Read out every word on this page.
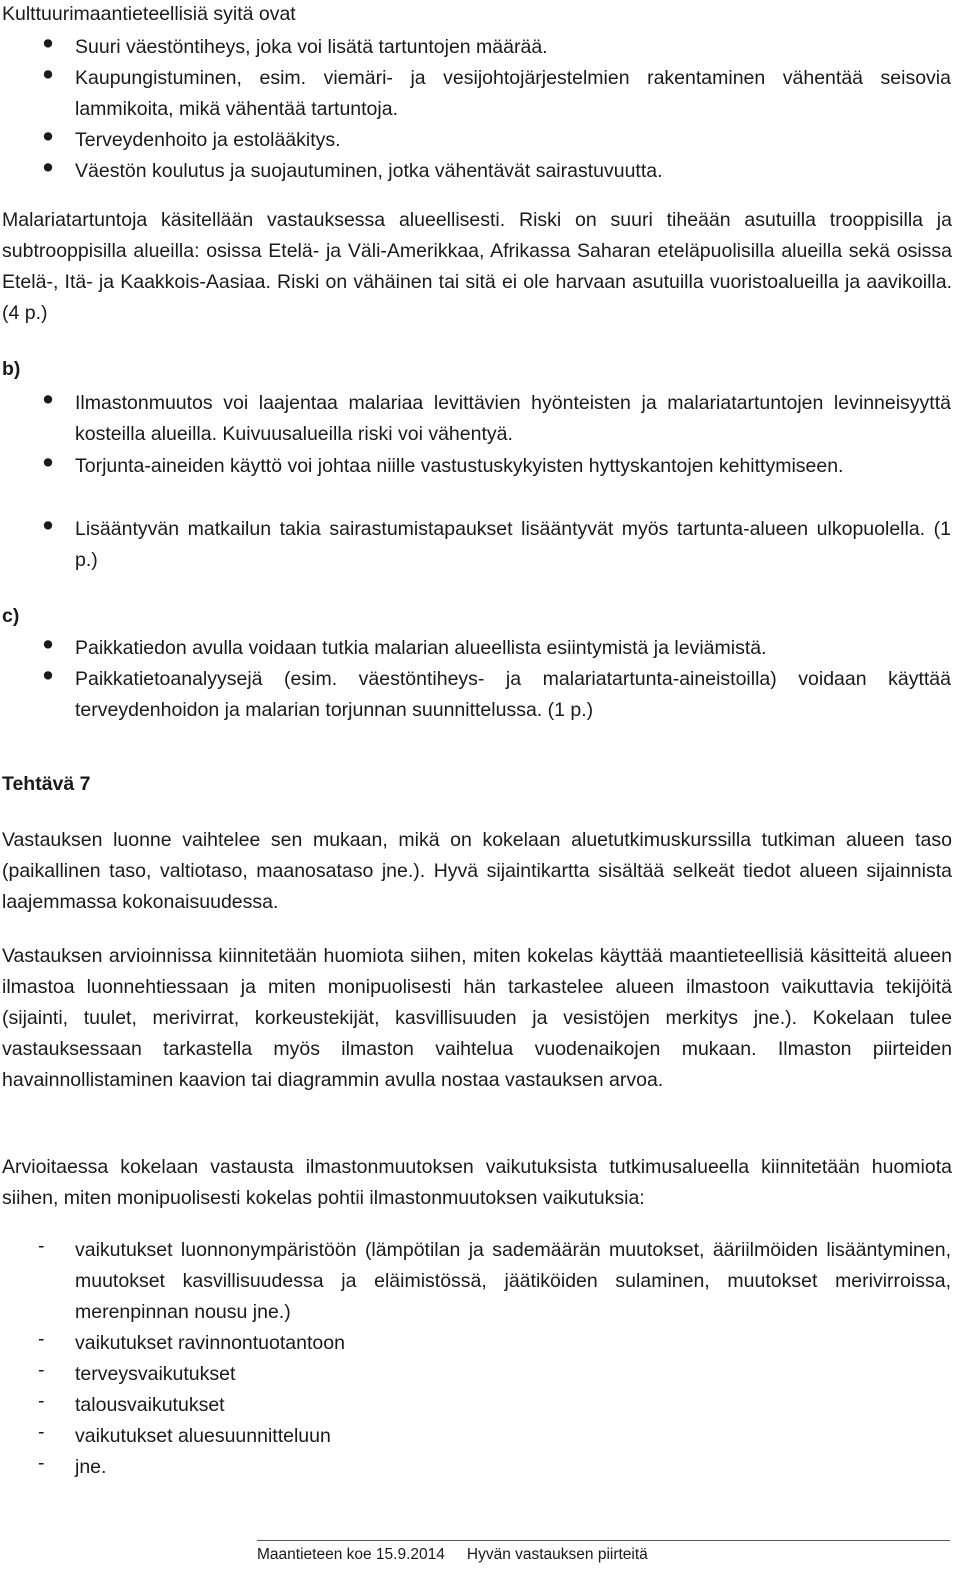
Kulttuurimaantieteellisiä syitä ovat

● Suuri väestöntiheys, joka voi lisätä tartuntojen määrää.

● Kaupungistuminen, esim. viemäri- ja vesijohtojärjestelmien rakentaminen vähentää seisovia lammikoita, mikä vähentää tartuntoja.

● Terveydenhoito ja estolääkitys.

● Väestön koulutus ja suojautuminen, jotka vähentävät sairastuvuutta.

Malariatartuntoja käsitellään vastauksessa alueellisesti. Riski on suuri tiheään asutuilla trooppisilla ja subtrooppisilla alueilla: osissa Etelä- ja Väli-Amerikkaa, Afrikassa Saharan eteläpuolisilla alueilla sekä osissa Etelä-, Itä- ja Kaakkois-Aasiaa. Riski on vähäinen tai sitä ei ole harvaan asutuilla vuoristoalueilla ja aavikoilla. (4 p.)

b)

● Ilmastonmuutos voi laajentaa malariaa levittävien hyönteisten ja malariatartuntojen levinneisyyttä kosteilla alueilla. Kuivuusalueilla riski voi vähentyä.

● Torjunta-aineiden käyttö voi johtaa niille vastustuskykyisten hyttyskantojen kehittymiseen.

● Lisääntyvän matkailun takia sairastumistapaukset lisääntyvät myös tartunta-alueen ulkopuolella. (1 p.)

c)

● Paikkatiedon avulla voidaan tutkia malarian alueellista esiintymistä ja leviämistä.

● Paikkatietoanalyysejä (esim. väestöntiheys- ja malariatartunta-aineistoilla) voidaan käyttää terveydenhoidon ja malarian torjunnan suunnittelussa. (1 p.)

Tehtävä 7

Vastauksen luonne vaihtelee sen mukaan, mikä on kokelaan aluetutkimuskurssilla tutkiman alueen taso (paikallinen taso, valtiotaso, maanosataso jne.). Hyvä sijaintikartta sisältää selkeät tiedot alueen sijainnista laajemmassa kokonaisuudessa.

Vastauksen arvioinnissa kiinnitetään huomiota siihen, miten kokelas käyttää maantieteellisiä käsitteitä alueen ilmastoa luonnehtiessaan ja miten monipuolisesti hän tarkastelee alueen ilmastoon vaikuttavia tekijöitä (sijainti, tuulet, merivirrat, korkeustekijät, kasvillisuuden ja vesistöjen merkitys jne.). Kokelaan tulee vastauksessaan tarkastella myös ilmaston vaihtelua vuodenaikojen mukaan. Ilmaston piirteiden havainnollistaminen kaavion tai diagrammin avulla nostaa vastauksen arvoa.

Arvioitaessa kokelaan vastausta ilmastonmuutoksen vaikutuksista tutkimusalueella kiinnitetään huomiota siihen, miten monipuolisesti kokelas pohtii ilmastonmuutoksen vaikutuksia:

-	vaikutukset luonnonympäristöön (lämpötilan ja sademäärän muutokset, ääriilmöiden lisääntyminen, muutokset kasvillisuudessa ja eläimistössä, jäätiköiden sulaminen, muutokset merivirroissa, merenpinnan nousu jne.)

-	vaikutukset ravinnontuotantoon

-	terveysvaikutukset

-	talousvaikutukset

-	vaikutukset aluesuunnitteluun

-	jne.

Maantieteen koe 15.9.2014 Hyvän vastauksen piirteitä
